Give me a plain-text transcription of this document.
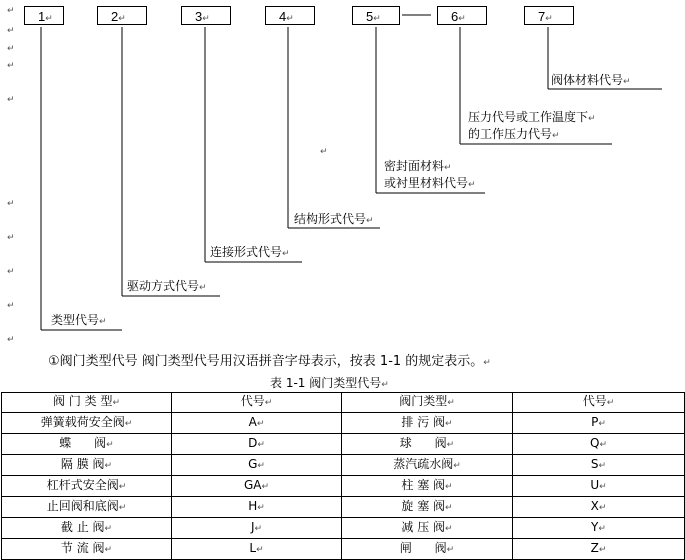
1↵	2↵	3↵	4↵	5↵	6↵	7↵
↵
↵
↵
↵
↵
↵
↵
↵
↵
↵
↵
阀体材料代号↵
压力代号或工作温度下↵
的工作压力代号↵
密封面材料↵
或衬里材料代号↵
结构形式代号↵
连接形式代号↵
驱动方式代号↵
类型代号↵
①阀门类型代号 阀门类型代号用汉语拼音字母表示，按表 1-1 的规定表示。↵
表 1-1 阀门类型代号↵
阀 门 类 型↵	代号↵	阀门类型↵	代号↵
弹簧载荷安全阀↵	A↵	排 污 阀↵	P↵
蝶      阀↵	D↵	球      阀↵	Q↵
隔 膜 阀↵	G↵	蒸汽疏水阀↵	S↵
杠杆式安全阀↵	GA↵	柱 塞 阀↵	U↵
止回阀和底阀↵	H↵	旋 塞 阀↵	X↵
截 止 阀↵	J↵	减 压 阀↵	Y↵
节 流 阀↵	L↵	闸      阀↵	Z↵
